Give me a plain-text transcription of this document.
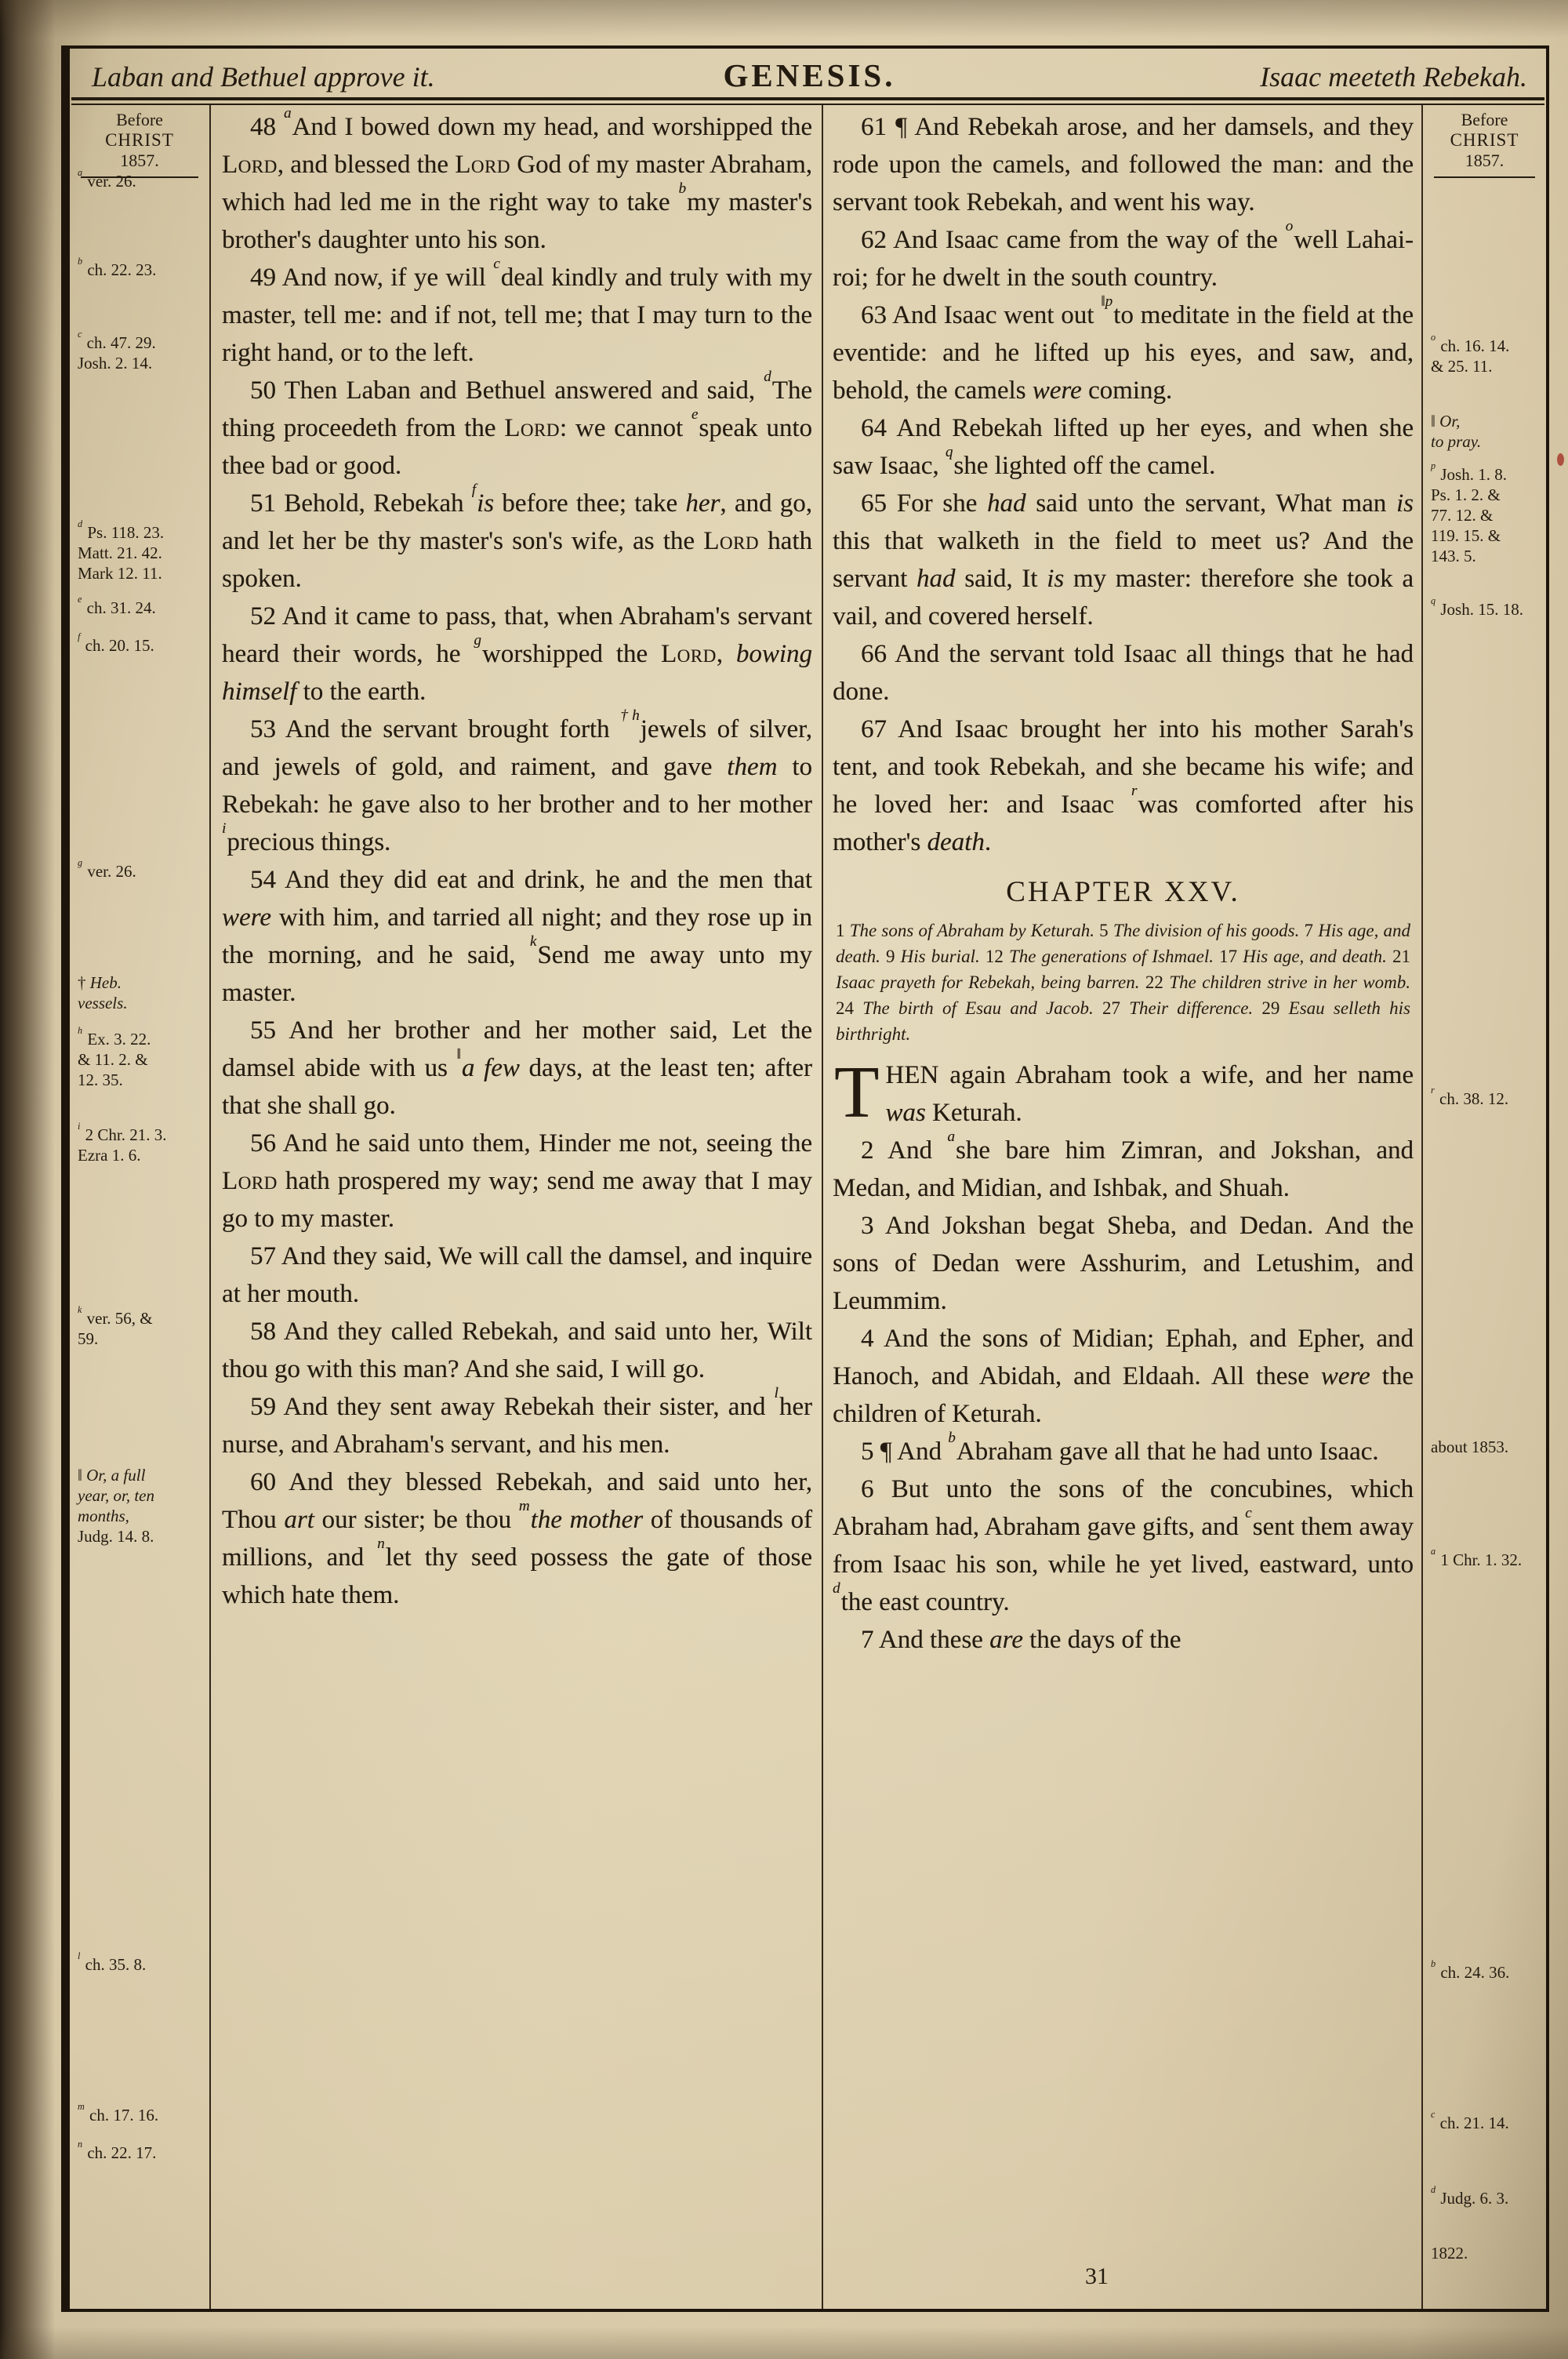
Laban and Bethuel approve it.	GENESIS.	Isaac meeteth Rebekah.
Before
CHRIST
1857.
$^a$ ver. 26.
$^b$ ch. 22. 23.
$^c$ ch. 47. 29.
Josh. 2. 14.
$^d$ Ps. 118. 23.
Matt. 21. 42.
Mark 12. 11.
$^e$ ch. 31. 24.
$^f$ ch. 20. 15.
$^g$ ver. 26.
† Heb.
vessels.
$^h$ Ex. 3. 22.
& 11. 2. &
12. 35.
$^i$ 2 Chr. 21. 3.
Ezra 1. 6.
$^k$ ver. 56, &
59.
‖ Or, a full
year, or, ten
months,
Judg. 14. 8.
$^l$ ch. 35. 8.
$^m$ ch. 17. 16.
$^n$ ch. 22. 17.

48 $^a$And I bowed down my head, and worshipped the Lord, and blessed the Lord God of my master Abraham, which had led me in the right way to take $^b$my master's brother's daughter unto his son.

49 And now, if ye will $^c$deal kindly and truly with my master, tell me: and if not, tell me; that I may turn to the right hand, or to the left.

50 Then Laban and Bethuel answered and said, $^d$The thing proceedeth from the Lord: we cannot $^e$speak unto thee bad or good.

51 Behold, Rebekah $^f$is before thee; take her, and go, and let her be thy master's son's wife, as the Lord hath spoken.

52 And it came to pass, that, when Abraham's servant heard their words, he $^g$worshipped the Lord, bowing himself to the earth.

53 And the servant brought forth $^{\dagger h}$jewels of silver, and jewels of gold, and raiment, and gave them to Rebekah: he gave also to her brother and to her mother $^i$precious things.

54 And they did eat and drink, he and the men that were with him, and tarried all night; and they rose up in the morning, and he said, $^k$Send me away unto my master.

55 And her brother and her mother said, Let the damsel abide with us ‖a few days, at the least ten; after that she shall go.

56 And he said unto them, Hinder me not, seeing the Lord hath prospered my way; send me away that I may go to my master.

57 And they said, We will call the damsel, and inquire at her mouth.

58 And they called Rebekah, and said unto her, Wilt thou go with this man? And she said, I will go.

59 And they sent away Rebekah their sister, and $^l$her nurse, and Abraham's servant, and his men.

60 And they blessed Rebekah, and said unto her, Thou art our sister; be thou $^m$the mother of thousands of millions, and $^n$let thy seed possess the gate of those which hate them.

61 ¶ And Rebekah arose, and her damsels, and they rode upon the camels, and followed the man: and the servant took Rebekah, and went his way.

62 And Isaac came from the way of the $^o$well Lahai-roi; for he dwelt in the south country.

63 And Isaac went out $^{‖p}$to meditate in the field at the eventide: and he lifted up his eyes, and saw, and, behold, the camels were coming.

64 And Rebekah lifted up her eyes, and when she saw Isaac, $^q$she lighted off the camel.

65 For she had said unto the servant, What man is this that walketh in the field to meet us? And the servant had said, It is my master: therefore she took a vail, and covered herself.

66 And the servant told Isaac all things that he had done.

67 And Isaac brought her into his mother Sarah's tent, and took Rebekah, and she became his wife; and he loved her: and Isaac $^r$was comforted after his mother's death.

CHAPTER XXV.

1 The sons of Abraham by Keturah. 5 The division of his goods. 7 His age, and death. 9 His burial. 12 The generations of Ishmael. 17 His age, and death. 21 Isaac prayeth for Rebekah, being barren. 22 The children strive in her womb. 24 The birth of Esau and Jacob. 27 Their difference. 29 Esau selleth his birthright.

THEN again Abraham took a wife, and her name was Keturah.

2 And $^a$she bare him Zimran, and Jokshan, and Medan, and Midian, and Ishbak, and Shuah.

3 And Jokshan begat Sheba, and Dedan. And the sons of Dedan were Asshurim, and Letushim, and Leummim.

4 And the sons of Midian; Ephah, and Epher, and Hanoch, and Abidah, and Eldaah. All these were the children of Keturah.

5 ¶ And $^b$Abraham gave all that he had unto Isaac.

6 But unto the sons of the concubines, which Abraham had, Abraham gave gifts, and $^c$sent them away from Isaac his son, while he yet lived, eastward, unto $^d$the east country.

7 And these are the days of the

Before
CHRIST
1857.
$^o$ ch. 16. 14.
& 25. 11.
‖ Or,
to pray.
$^p$ Josh. 1. 8.
Ps. 1. 2. &
77. 12. &
119. 15. &
143. 5.
$^q$ Josh. 15. 18.
$^r$ ch. 38. 12.
about 1853.
$^a$ 1 Chr. 1. 32.
$^b$ ch. 24. 36.
$^c$ ch. 21. 14.
$^d$ Judg. 6. 3.
1822.
31
